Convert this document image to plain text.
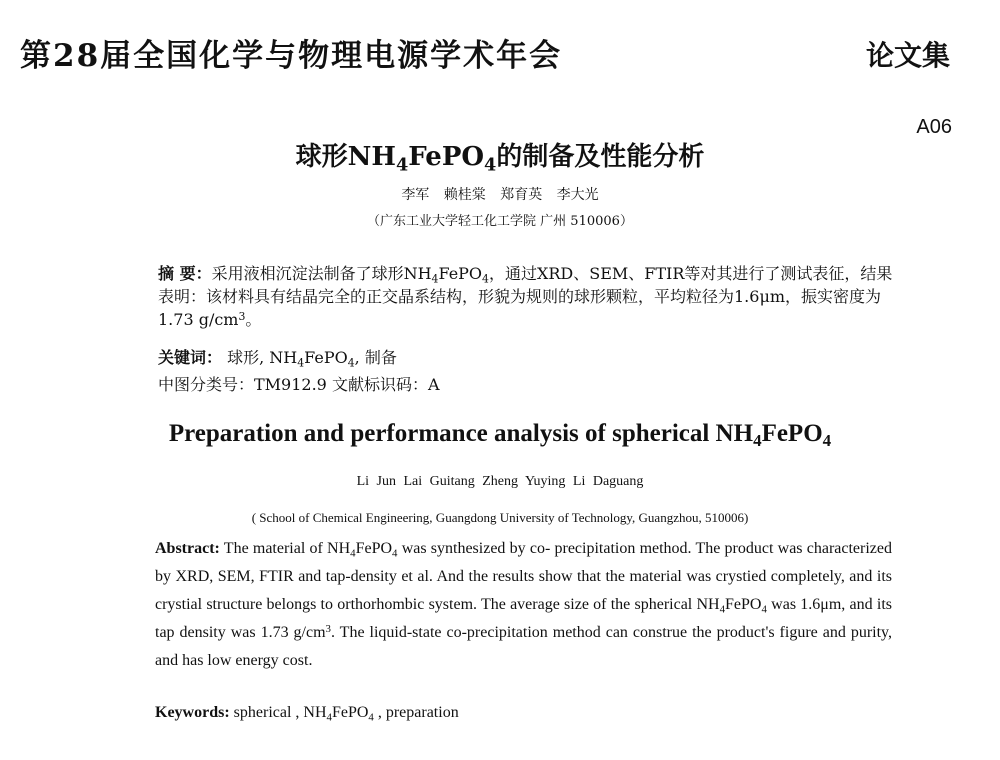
第28届全国化学与物理电源学术年会	论文集
A06
球形$NH_4FePO_4$的制备及性能分析
李军 赖桂棠 郑育英 李大光
（广东工业大学轻工化工学院 广州 510006）
摘 要：采用液相沉淀法制备了球形$NH_4FePO_4$，通过XRD、SEM、FTIR等对其进行了测试表征，结果表明：该材料具有结晶完全的正交晶系结构，形貌为规则的球形颗粒，平均粒径为1.6μm，振实密度为 1.73 $g/cm^3$。
关键词： 球形, $NH_4FePO_4$, 制备
中图分类号：TM912.9 文献标识码：A
Preparation and performance analysis of spherical $NH_4FePO_4$
Li Jun Lai Guitang Zheng Yuying Li Daguang
( School of Chemical Engineering, Guangdong University of Technology, Guangzhou, 510006)
Abstract: The material of $NH_4FePO_4$ was synthesized by co- precipitation method. The product was characterized by XRD, SEM, FTIR and tap-density et al. And the results show that the material was crystied completely, and its crystial structure belongs to orthorhombic system. The average size of the spherical $NH_4FePO_4$ was 1.6μm, and its tap density was 1.73 $g/cm^3$. The liquid-state co-precipitation method can construe the product's figure and purity, and has low energy cost.
Keywords: spherical , $NH_4FePO_4$ , preparation
